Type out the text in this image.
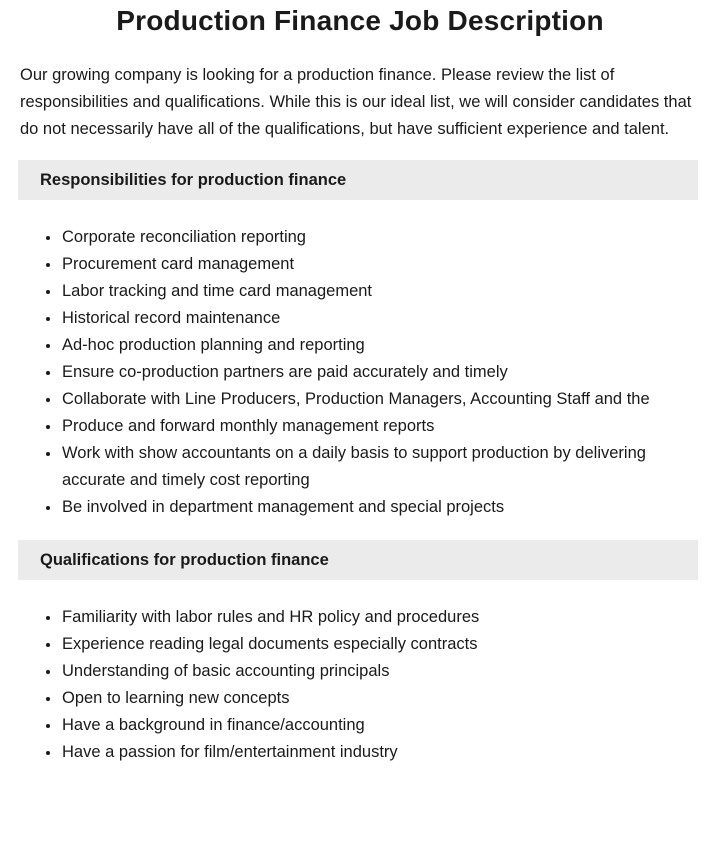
Production Finance Job Description

Our growing company is looking for a production finance. Please review the list of responsibilities and qualifications. While this is our ideal list, we will consider candidates that do not necessarily have all of the qualifications, but have sufficient experience and talent.

Responsibilities for production finance
• Corporate reconciliation reporting
• Procurement card management
• Labor tracking and time card management
• Historical record maintenance
• Ad-hoc production planning and reporting
• Ensure co-production partners are paid accurately and timely
• Collaborate with Line Producers, Production Managers, Accounting Staff and the
• Produce and forward monthly management reports
• Work with show accountants on a daily basis to support production by delivering accurate and timely cost reporting
• Be involved in department management and special projects
Qualifications for production finance
• Familiarity with labor rules and HR policy and procedures
• Experience reading legal documents especially contracts
• Understanding of basic accounting principals
• Open to learning new concepts
• Have a background in finance/accounting
• Have a passion for film/entertainment industry
